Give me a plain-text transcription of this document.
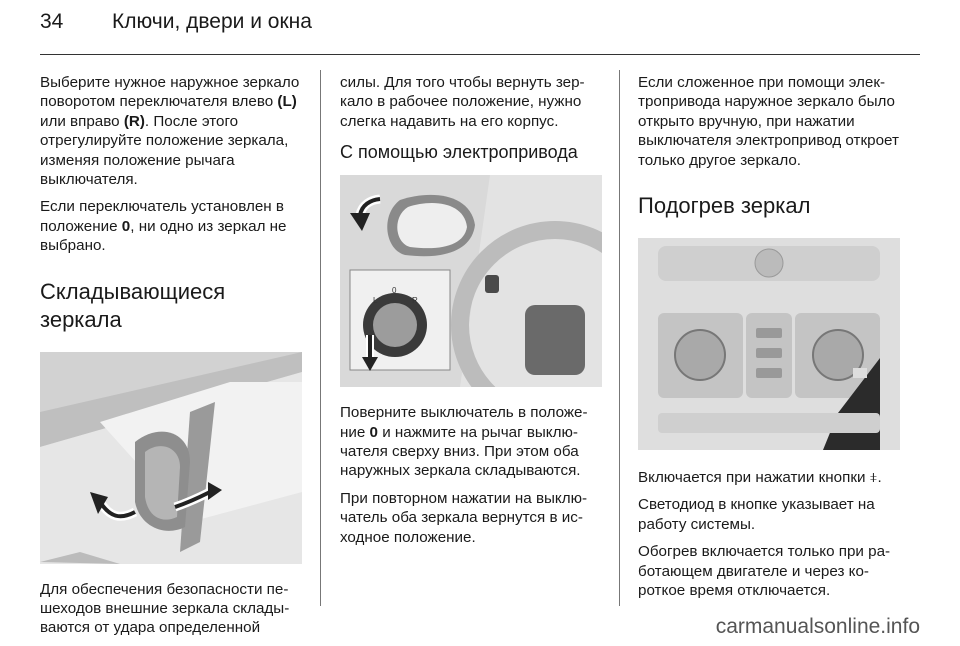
34 Ключи, двери и окна

Выберите нужное наружное зеркало поворотом переключателя влево (L) или вправо (R). После этого отрегулируйте положение зеркала, изменяя положение рычага выключателя.

Если переключатель установлен в положение 0, ни одно из зеркал не выбрано.

Складывающиеся зеркала

Для обеспечения безопасности пешеходов внешние зеркала складываются от удара определенной

силы. Для того чтобы вернуть зеркало в рабочее положение, нужно слегка надавить на его корпус.

С помощью электропривода
L
0
R

Поверните выключатель в положение 0 и нажмите на рычаг выключателя сверху вниз. При этом оба наружных зеркала складываются.

При повторном нажатии на выключатель оба зеркала вернутся в исходное положение.

Если сложенное при помощи электропривода наружное зеркало было открыто вручную, при нажатии выключателя электропривод откроет только другое зеркало.

Подогрев зеркал

Включается при нажатии кнопки ⧧.

Светодиод в кнопке указывает на работу системы.

Обогрев включается только при работающем двигателе и через короткое время отключается.

carmanualsonline.info
